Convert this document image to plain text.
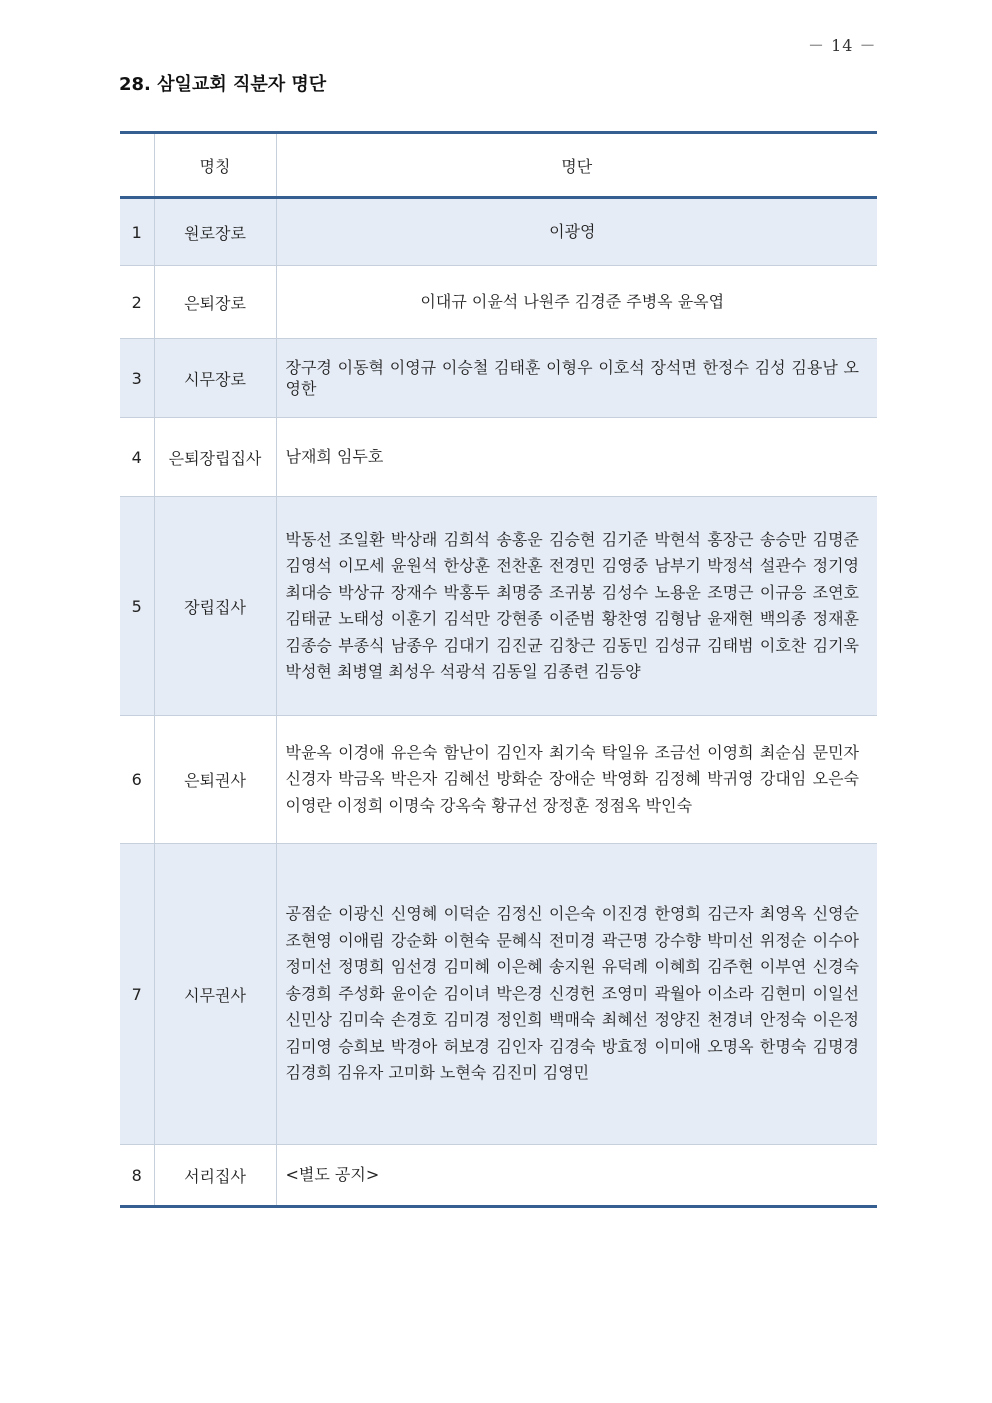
－ 14 －
28. 삼일교회 직분자 명단
	명칭	명단
1	원로장로	이광영
2	은퇴장로	이대규 이윤석 나원주 김경준 주병옥 윤옥엽
3	시무장로	장구경 이동혁 이영규 이승철 김태훈 이형우 이호석 장석면 한정수 김성 김용남 오영한
4	은퇴장립집사	남재희 임두호
5	장립집사	박동선 조일환 박상래 김희석 송홍운 김승현 김기준 박현석 홍장근 송승만 김명준 김영석 이모세 윤원석 한상훈 전찬훈 전경민 김영중 남부기 박정석 설관수 정기영 최대승 박상규 장재수 박홍두 최명중 조귀봉 김성수 노용운 조명근 이규응 조연호 김태균 노태성 이훈기 김석만 강현종 이준범 황찬영 김형남 윤재현 백의종 정재훈 김종승 부종식 남종우 김대기 김진균 김창근 김동민 김성규 김태범 이호찬 김기욱 박성현 최병열 최성우 석광석 김동일 김종련 김등양
6	은퇴권사	박윤옥 이경애 유은숙 함난이 김인자 최기숙 탁일유 조금선 이영희 최순심 문민자 신경자 박금옥 박은자 김혜선 방화순 장애순 박영화 김정혜 박귀영 강대임 오은숙 이영란 이정희 이명숙 강옥숙 황규선 장정훈 정점옥 박인숙
7	시무권사	공점순 이광신 신영혜 이덕순 김정신 이은숙 이진경 한영희 김근자 최영옥 신영순 조현영 이애림 강순화 이현숙 문혜식 전미경 곽근명 강수향 박미선 위정순 이수아 정미선 정명희 임선경 김미혜 이은혜 송지원 유덕례 이혜희 김주현 이부연 신경숙 송경희 주성화 윤이순 김이녀 박은경 신경헌 조영미 곽월아 이소라 김현미 이일선 신민상 김미숙 손경호 김미경 정인희 백매숙 최혜선 정양진 천경녀 안정숙 이은정 김미영 승희보 박경아 허보경 김인자 김경숙 방효정 이미애 오명옥 한명숙 김명경 김경희 김유자 고미화 노현숙 김진미 김영민
8	서리집사	<별도 공지>
